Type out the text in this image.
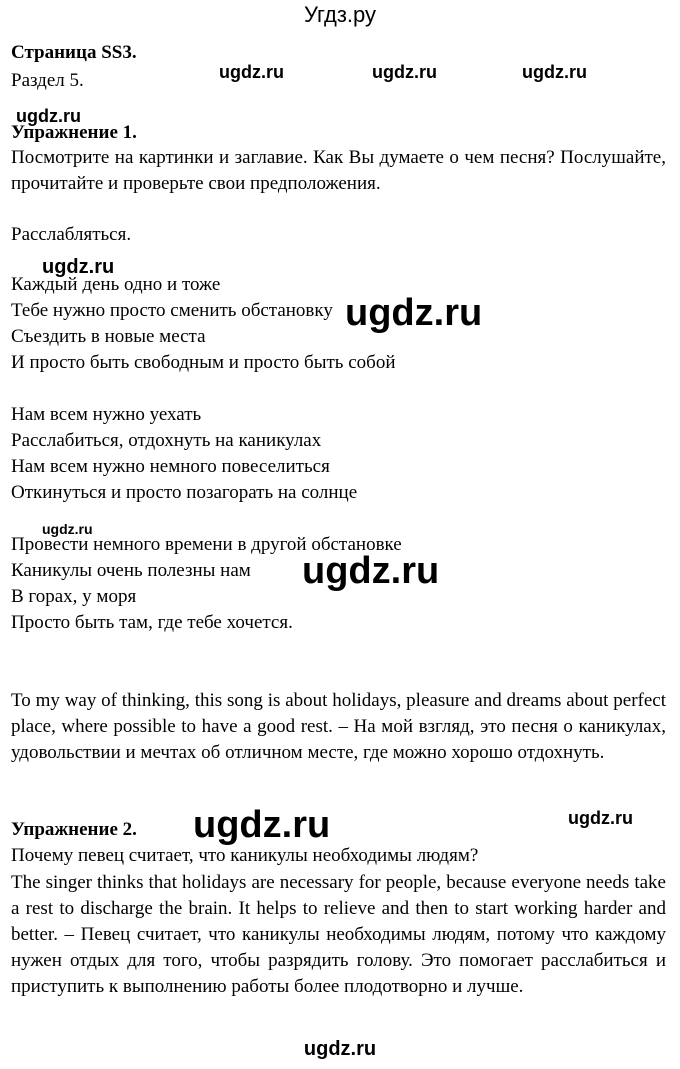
Угдз.ру
Страница SS3.
Раздел 5.	ugdz.ru	ugdz.ru	ugdz.ru
ugdz.ru
Упражнение 1.
Посмотрите на картинки и заглавие. Как Вы думаете о чем песня? Послушайте, прочитайте и проверьте свои предположения.
Расслабляться.
ugdz.ru
Каждый день одно и тоже
Тебе нужно просто сменить обстановку
Съездить в новые места
И просто быть свободным и просто быть собой
ugdz.ru
Нам всем нужно уехать
Расслабиться, отдохнуть на каникулах
Нам всем нужно немного повеселиться
Откинуться и просто позагорать на солнце
ugdz.ru
Провести немного времени в другой обстановке
Каникулы очень полезны нам
В горах, у моря
Просто быть там, где тебе хочется.
ugdz.ru
To my way of thinking, this song is about holidays, pleasure and dreams about perfect place, where possible to have a good rest. – На мой взгляд, это песня о каникулах, удовольствии и мечтах об отличном месте, где можно хорошо отдохнуть.
Упражнение 2. ugdz.ru	ugdz.ru
Почему певец считает, что каникулы необходимы людям?
The singer thinks that holidays are necessary for people, because everyone needs take a rest to discharge the brain. It helps to relieve and then to start working harder and better. – Певец считает, что каникулы необходимы людям, потому что каждому нужен отдых для того, чтобы разрядить голову. Это помогает расслабиться и приступить к выполнению работы более плодотворно и лучше.
ugdz.ru
